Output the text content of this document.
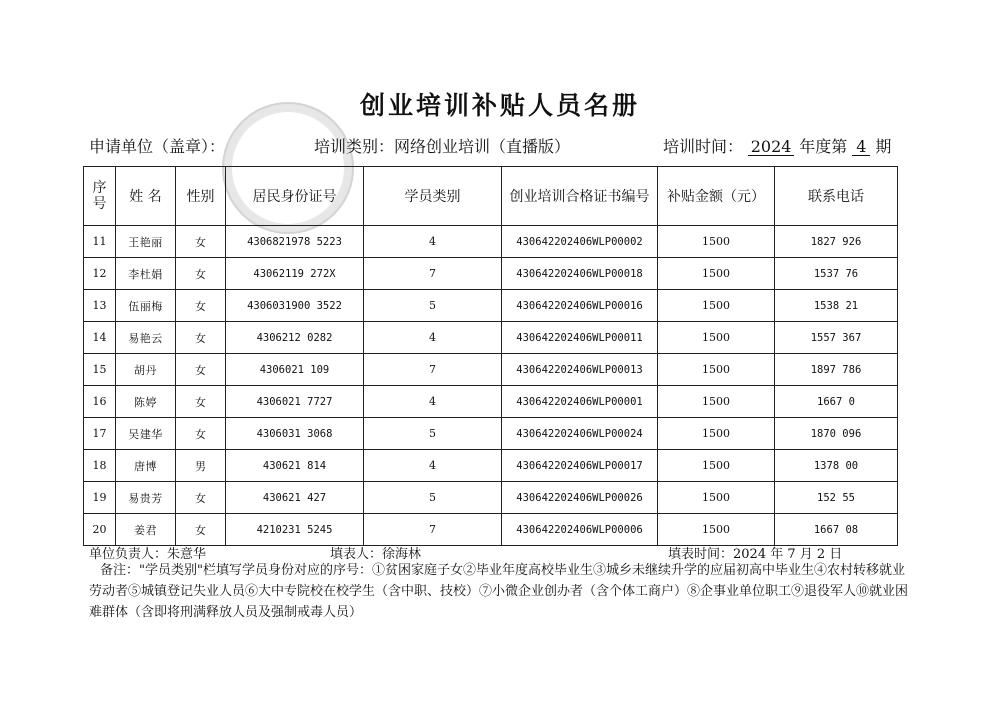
创业培训补贴人员名册
申请单位（盖章）：	培训类别：网络创业培训（直播版）	培训时间： 2024 年度第 4 期
序
号	姓 名	性别	居民身份证号	学员类别	创业培训合格证书编号	补贴金额（元）	联系电话
11	王艳丽	女	4306821978 5223	4	430642202406WLP00002	1500	1827 926
12	李杜娟	女	43062119 272X	7	430642202406WLP00018	1500	1537 76
13	伍丽梅	女	4306031900 3522	5	430642202406WLP00016	1500	1538 21
14	易艳云	女	4306212 0282	4	430642202406WLP00011	1500	1557 367
15	胡丹	女	4306021 109	7	430642202406WLP00013	1500	1897 786
16	陈婷	女	4306021 7727	4	430642202406WLP00001	1500	1667 0
17	吴建华	女	4306031 3068	5	430642202406WLP00024	1500	1870 096
18	唐博	男	430621 814	4	430642202406WLP00017	1500	1378 00
19	易贵芳	女	430621 427	5	430642202406WLP00026	1500	152 55
20	姜君	女	4210231 5245	7	430642202406WLP00006	1500	1667 08
单位负责人：朱意华	填表人：徐海林	填表时间：2024 年 7 月 2 日
备注："学员类别"栏填写学员身份对应的序号：①贫困家庭子女②毕业年度高校毕业生③城乡未继续升学的应届初高中毕业生④农村转移就业劳动者⑤城镇登记失业人员⑥大中专院校在校学生（含中职、技校）⑦小微企业创办者（含个体工商户）⑧企事业单位职工⑨退役军人⑩就业困难群体（含即将刑满释放人员及强制戒毒人员）
